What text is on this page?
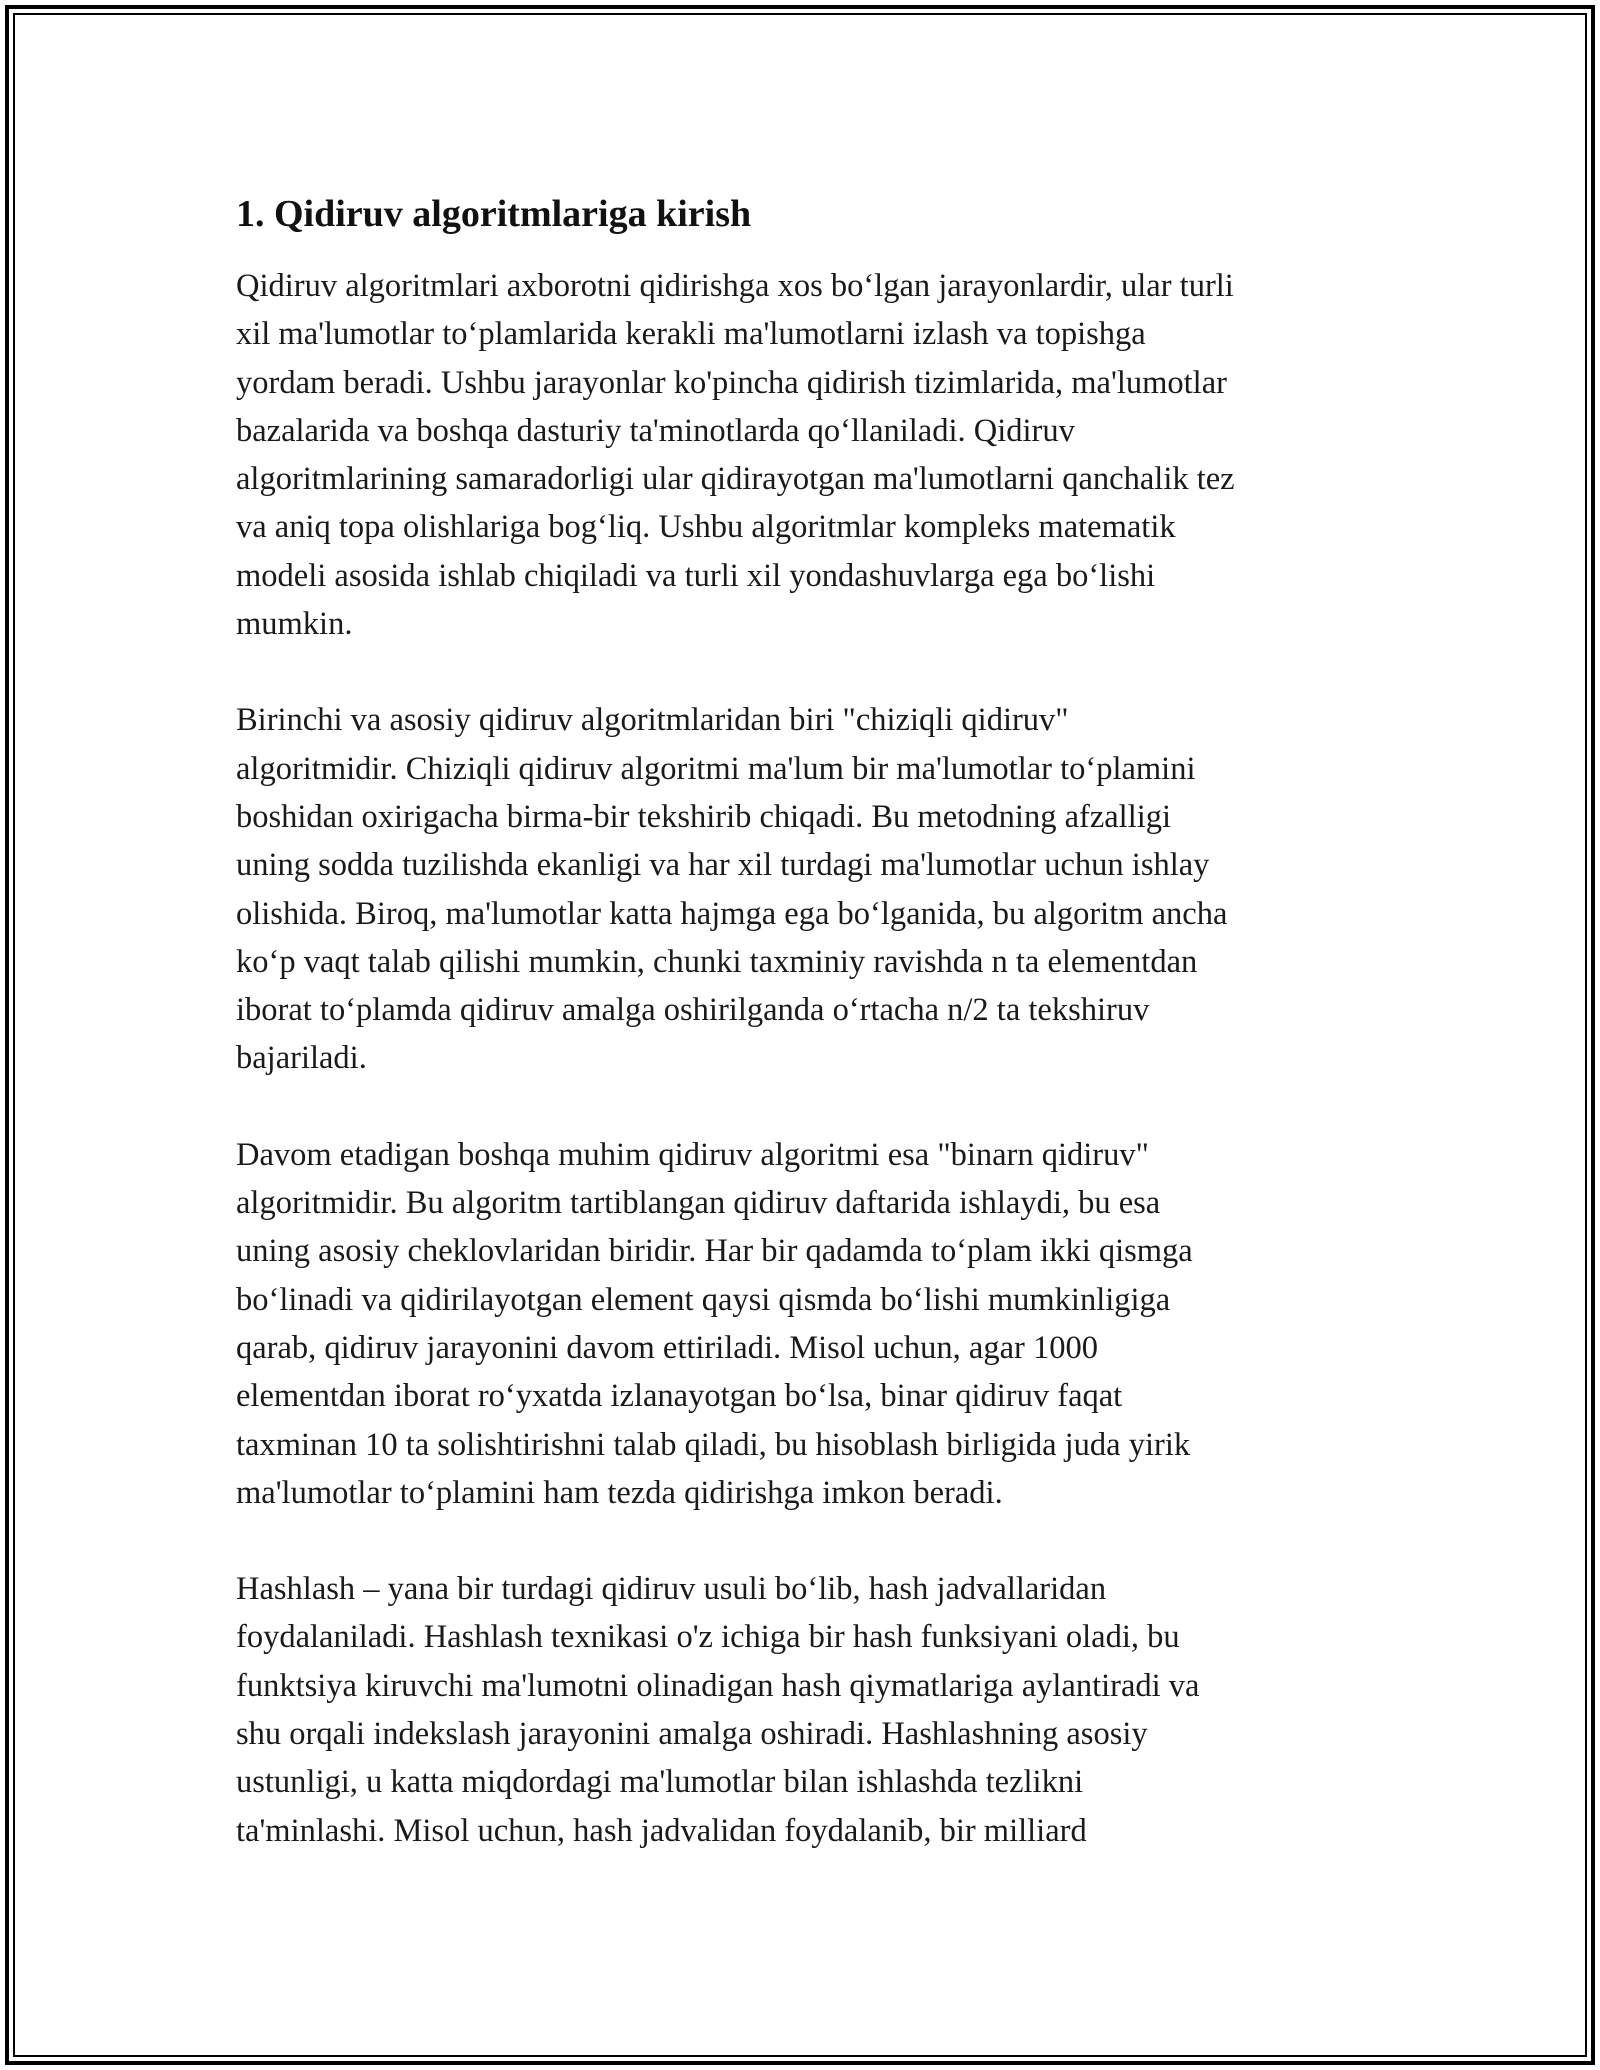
1. Qidiruv algoritmlariga kirish

Qidiruv algoritmlari axborotni qidirishga xos bo‘lgan jarayonlardir, ular turli
xil ma'lumotlar to‘plamlarida kerakli ma'lumotlarni izlash va topishga
yordam beradi. Ushbu jarayonlar ko'pincha qidirish tizimlarida, ma'lumotlar
bazalarida va boshqa dasturiy ta'minotlarda qo‘llaniladi. Qidiruv
algoritmlarining samaradorligi ular qidirayotgan ma'lumotlarni qanchalik tez
va aniq topa olishlariga bog‘liq. Ushbu algoritmlar kompleks matematik
modeli asosida ishlab chiqiladi va turli xil yondashuvlarga ega bo‘lishi
mumkin.

Birinchi va asosiy qidiruv algoritmlaridan biri "chiziqli qidiruv"
algoritmidir. Chiziqli qidiruv algoritmi ma'lum bir ma'lumotlar to‘plamini
boshidan oxirigacha birma-bir tekshirib chiqadi. Bu metodning afzalligi
uning sodda tuzilishda ekanligi va har xil turdagi ma'lumotlar uchun ishlay
olishida. Biroq, ma'lumotlar katta hajmga ega bo‘lganida, bu algoritm ancha
ko‘p vaqt talab qilishi mumkin, chunki taxminiy ravishda n ta elementdan
iborat to‘plamda qidiruv amalga oshirilganda o‘rtacha n/2 ta tekshiruv
bajariladi.

Davom etadigan boshqa muhim qidiruv algoritmi esa "binarn qidiruv"
algoritmidir. Bu algoritm tartiblangan qidiruv daftarida ishlaydi, bu esa
uning asosiy cheklovlaridan biridir. Har bir qadamda to‘plam ikki qismga
bo‘linadi va qidirilayotgan element qaysi qismda bo‘lishi mumkinligiga
qarab, qidiruv jarayonini davom ettiriladi. Misol uchun, agar 1000
elementdan iborat ro‘yxatda izlanayotgan bo‘lsa, binar qidiruv faqat
taxminan 10 ta solishtirishni talab qiladi, bu hisoblash birligida juda yirik
ma'lumotlar to‘plamini ham tezda qidirishga imkon beradi.

Hashlash – yana bir turdagi qidiruv usuli bo‘lib, hash jadvallaridan
foydalaniladi. Hashlash texnikasi o'z ichiga bir hash funksiyani oladi, bu
funktsiya kiruvchi ma'lumotni olinadigan hash qiymatlariga aylantiradi va
shu orqali indekslash jarayonini amalga oshiradi. Hashlashning asosiy
ustunligi, u katta miqdordagi ma'lumotlar bilan ishlashda tezlikni
ta'minlashi. Misol uchun, hash jadvalidan foydalanib, bir milliard
